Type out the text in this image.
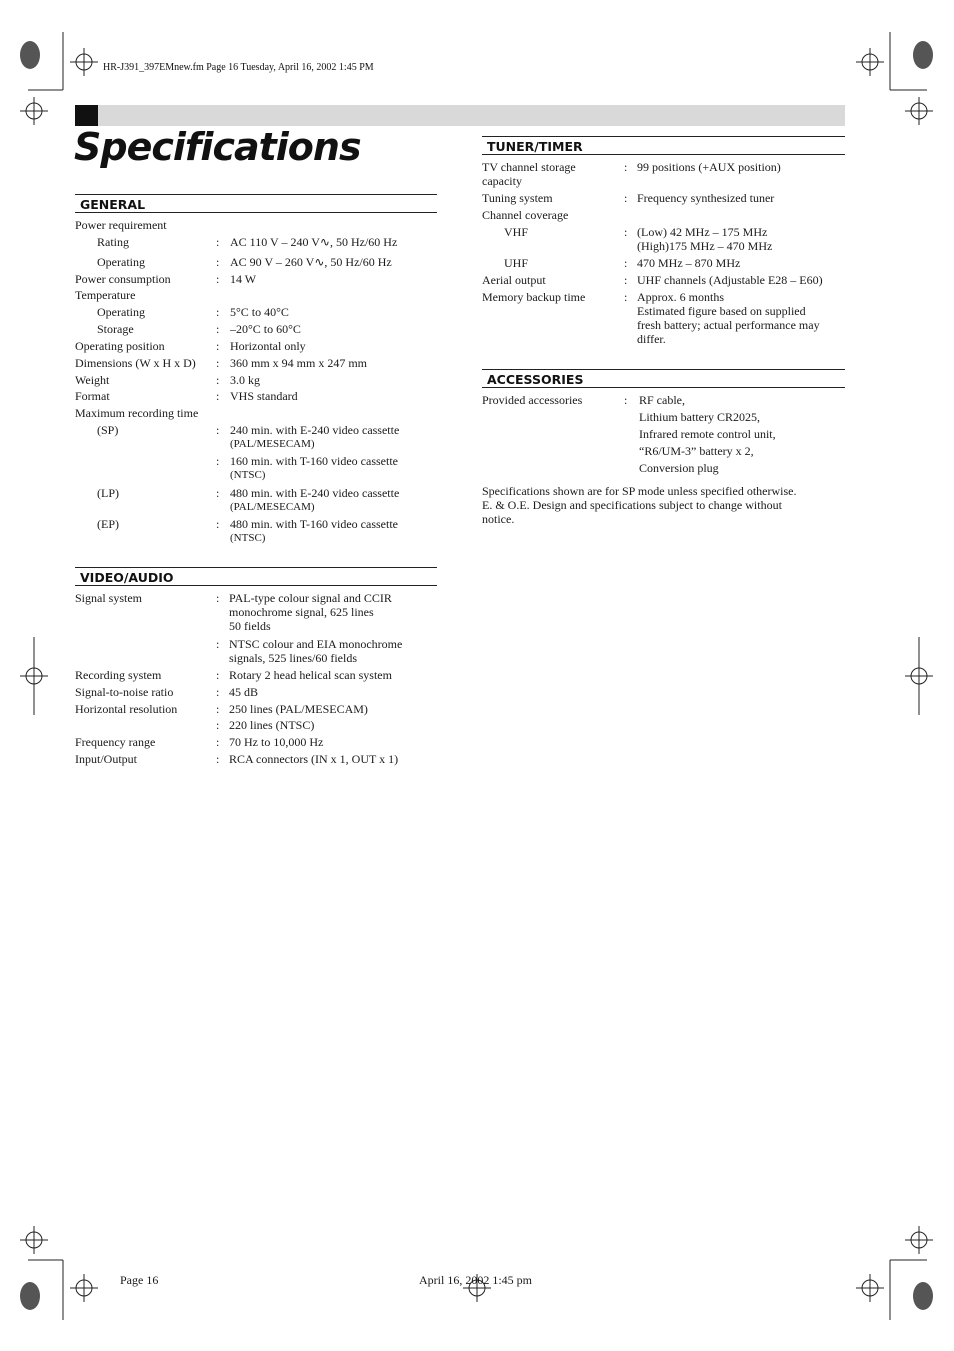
HR-J391_397EMnew.fm Page 16 Tuesday, April 16, 2002 1:45 PM
Specifications
GENERAL
Power requirement
Rating	: AC 110 V – 240 V∿, 50 Hz/60 Hz
Operating	: AC 90 V – 260 V∿, 50 Hz/60 Hz
Power consumption	: 14 W
Temperature
Operating	: 5°C to 40°C
Storage	: –20°C to 60°C
Operating position	: Horizontal only
Dimensions (W x H x D) : 360 mm x 94 mm x 247 mm
Weight	: 3.0 kg
Format	: VHS standard
Maximum recording time
(SP)	: 240 min. with E-240 video cassette
(PAL/MESECAM)
: 160 min. with T-160 video cassette
(NTSC)
(LP)	: 480 min. with E-240 video cassette
(PAL/MESECAM)
(EP)	: 480 min. with T-160 video cassette
(NTSC)
VIDEO/AUDIO
Signal system	: PAL-type colour signal and CCIR
monochrome signal, 625 lines
50 fields
: NTSC colour and EIA monochrome
signals, 525 lines/60 fields
Recording system	: Rotary 2 head helical scan system
Signal-to-noise ratio	: 45 dB
Horizontal resolution	: 250 lines (PAL/MESECAM)
: 220 lines (NTSC)
Frequency range	: 70 Hz to 10,000 Hz
Input/Output	: RCA connectors (IN x 1, OUT x 1)
TUNER/TIMER
TV channel storage
capacity
: 99 positions (+AUX position)
Tuning system	: Frequency synthesized tuner
Channel coverage
VHF	: (Low) 42 MHz – 175 MHz
(High)175 MHz – 470 MHz
UHF	: 470 MHz – 870 MHz
Aerial output	: UHF channels (Adjustable E28 – E60)
Memory backup time	: Approx. 6 months
Estimated figure based on supplied
fresh battery; actual performance may
differ.
ACCESSORIES
Provided accessories	: RF cable,
Lithium battery CR2025,
Infrared remote control unit,
“R6/UM-3” battery x 2,
Conversion plug
Specifications shown are for SP mode unless specified otherwise.
E. & O.E. Design and specifications subject to change without
notice.
Page 16	April 16, 2002 1:45 pm
